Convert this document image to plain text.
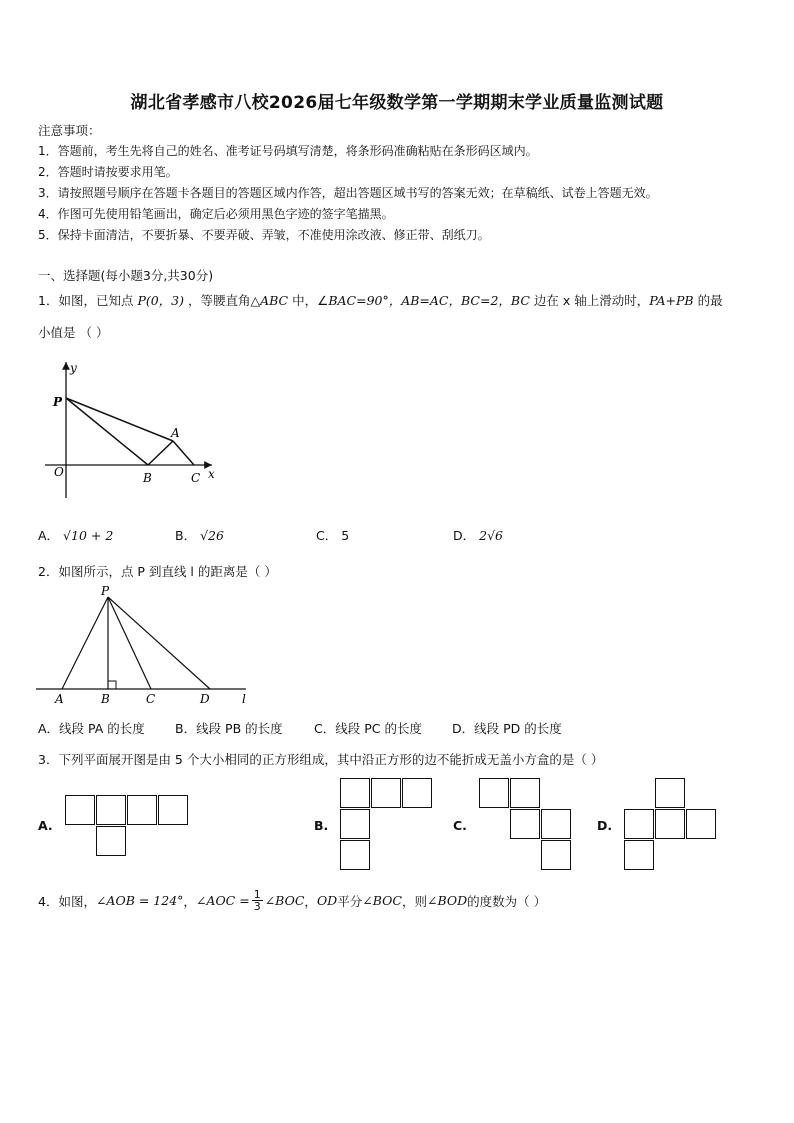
湖北省孝感市八校2026届七年级数学第一学期期末学业质量监测试题
注意事项：
1．答题前，考生先将自己的姓名、准考证号码填写清楚，将条形码准确粘贴在条形码区域内。
2．答题时请按要求用笔。
3．请按照题号顺序在答题卡各题目的答题区域内作答，超出答题区域书写的答案无效；在草稿纸、试卷上答题无效。
4．作图可先使用铅笔画出，确定后必须用黑色字迹的签字笔描黑。
5．保持卡面清洁，不要折暴、不要弄破、弄皱，不准使用涂改液、修正带、刮纸刀。
一、选择题(每小题3分,共30分)
1．如图，已知点 P(0，3) ，等腰直角△ABC 中，∠BAC=90°，AB=AC，BC=2，BC 边在 x 轴上滑动时，PA+PB 的最
小值是 （ ）
y
P
A
O	B	C x
A． √10 + 2	B． √26	C． 5	D． 2√6
2．如图所示，点 P 到直线 l 的距离是（ ）
P
A	B	C	D	l
A．线段 PA 的长度 B．线段 PB 的长度	C．线段 PC 的长度 D．线段 PD 的长度
3．下列平面展开图是由 5 个大小相同的正方形组成，其中沿正方形的边不能折成无盖小方盒的是（ ）
A.	B.	C.	D.
4．如图， ∠AOB = 124° ， ∠AOC = $\frac{1}{3}$ ∠BOC ， OD 平分 ∠BOC ，则 ∠BOD 的度数为（ ）
